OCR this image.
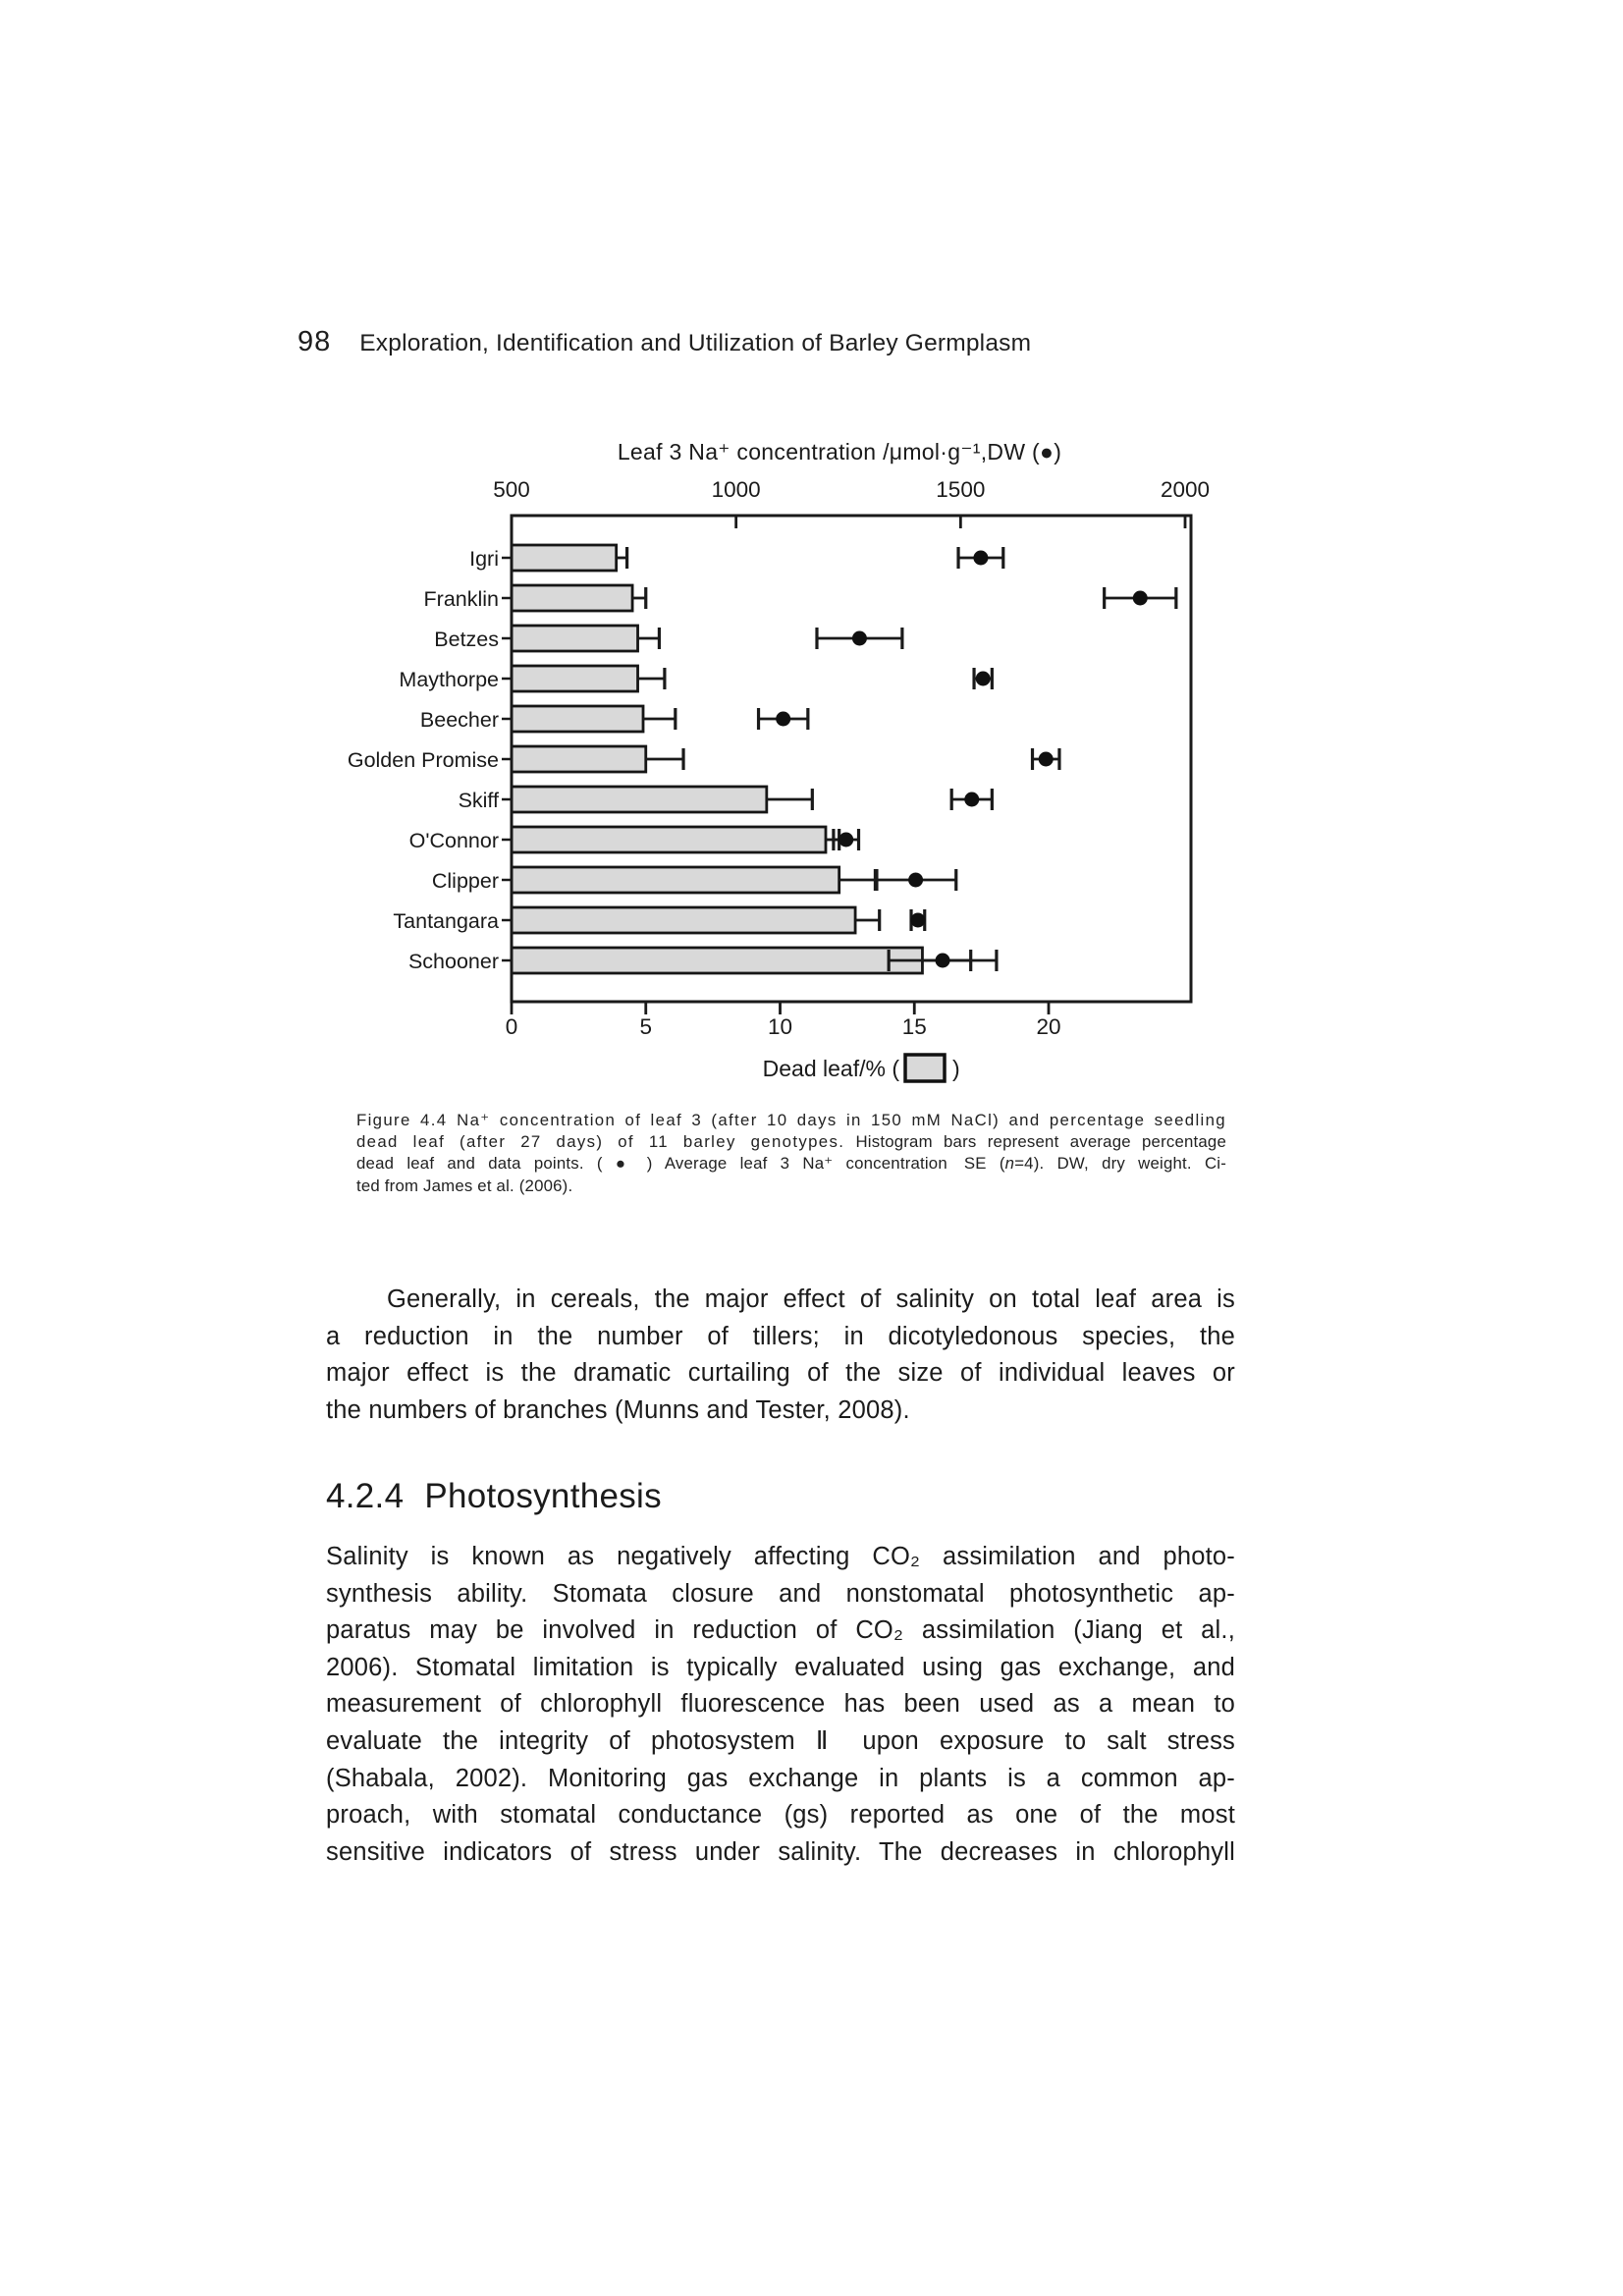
98 Exploration, Identification and Utilization of Barley Germplasm
Leaf 3 Na⁺ concentration /μmol·g⁻¹,DW (●)
500	1000	1500	2000
0	5	10	15	20
Igri
Franklin
Betzes
Maythorpe
Beecher
Golden Promise
Skiff
O'Connor
Clipper
Tantangara
Schooner
Dead leaf/% ( )
Figure 4.4 Na⁺ concentration of leaf 3 (after 10 days in 150 mM NaCl) and percentage seedling
dead leaf (after 27 days) of 11 barley genotypes. Histogram bars represent average percentage
dead leaf and data points. ( ● ) Average leaf 3 Na⁺ concentration SE (n=4). DW, dry weight. Ci-
ted from James et al. (2006).
Generally, in cereals, the major effect of salinity on total leaf area is
a reduction in the number of tillers; in dicotyledonous species, the
major effect is the dramatic curtailing of the size of individual leaves or
the numbers of branches (Munns and Tester, 2008).
4.2.4 Photosynthesis
Salinity is known as negatively affecting CO₂ assimilation and photo-
synthesis ability. Stomata closure and nonstomatal photosynthetic ap-
paratus may be involved in reduction of CO₂ assimilation (Jiang et al.,
2006). Stomatal limitation is typically evaluated using gas exchange, and
measurement of chlorophyll fluorescence has been used as a mean to
evaluate the integrity of photosystem Ⅱ upon exposure to salt stress
(Shabala, 2002). Monitoring gas exchange in plants is a common ap-
proach, with stomatal conductance (gs) reported as one of the most
sensitive indicators of stress under salinity. The decreases in chlorophyll
